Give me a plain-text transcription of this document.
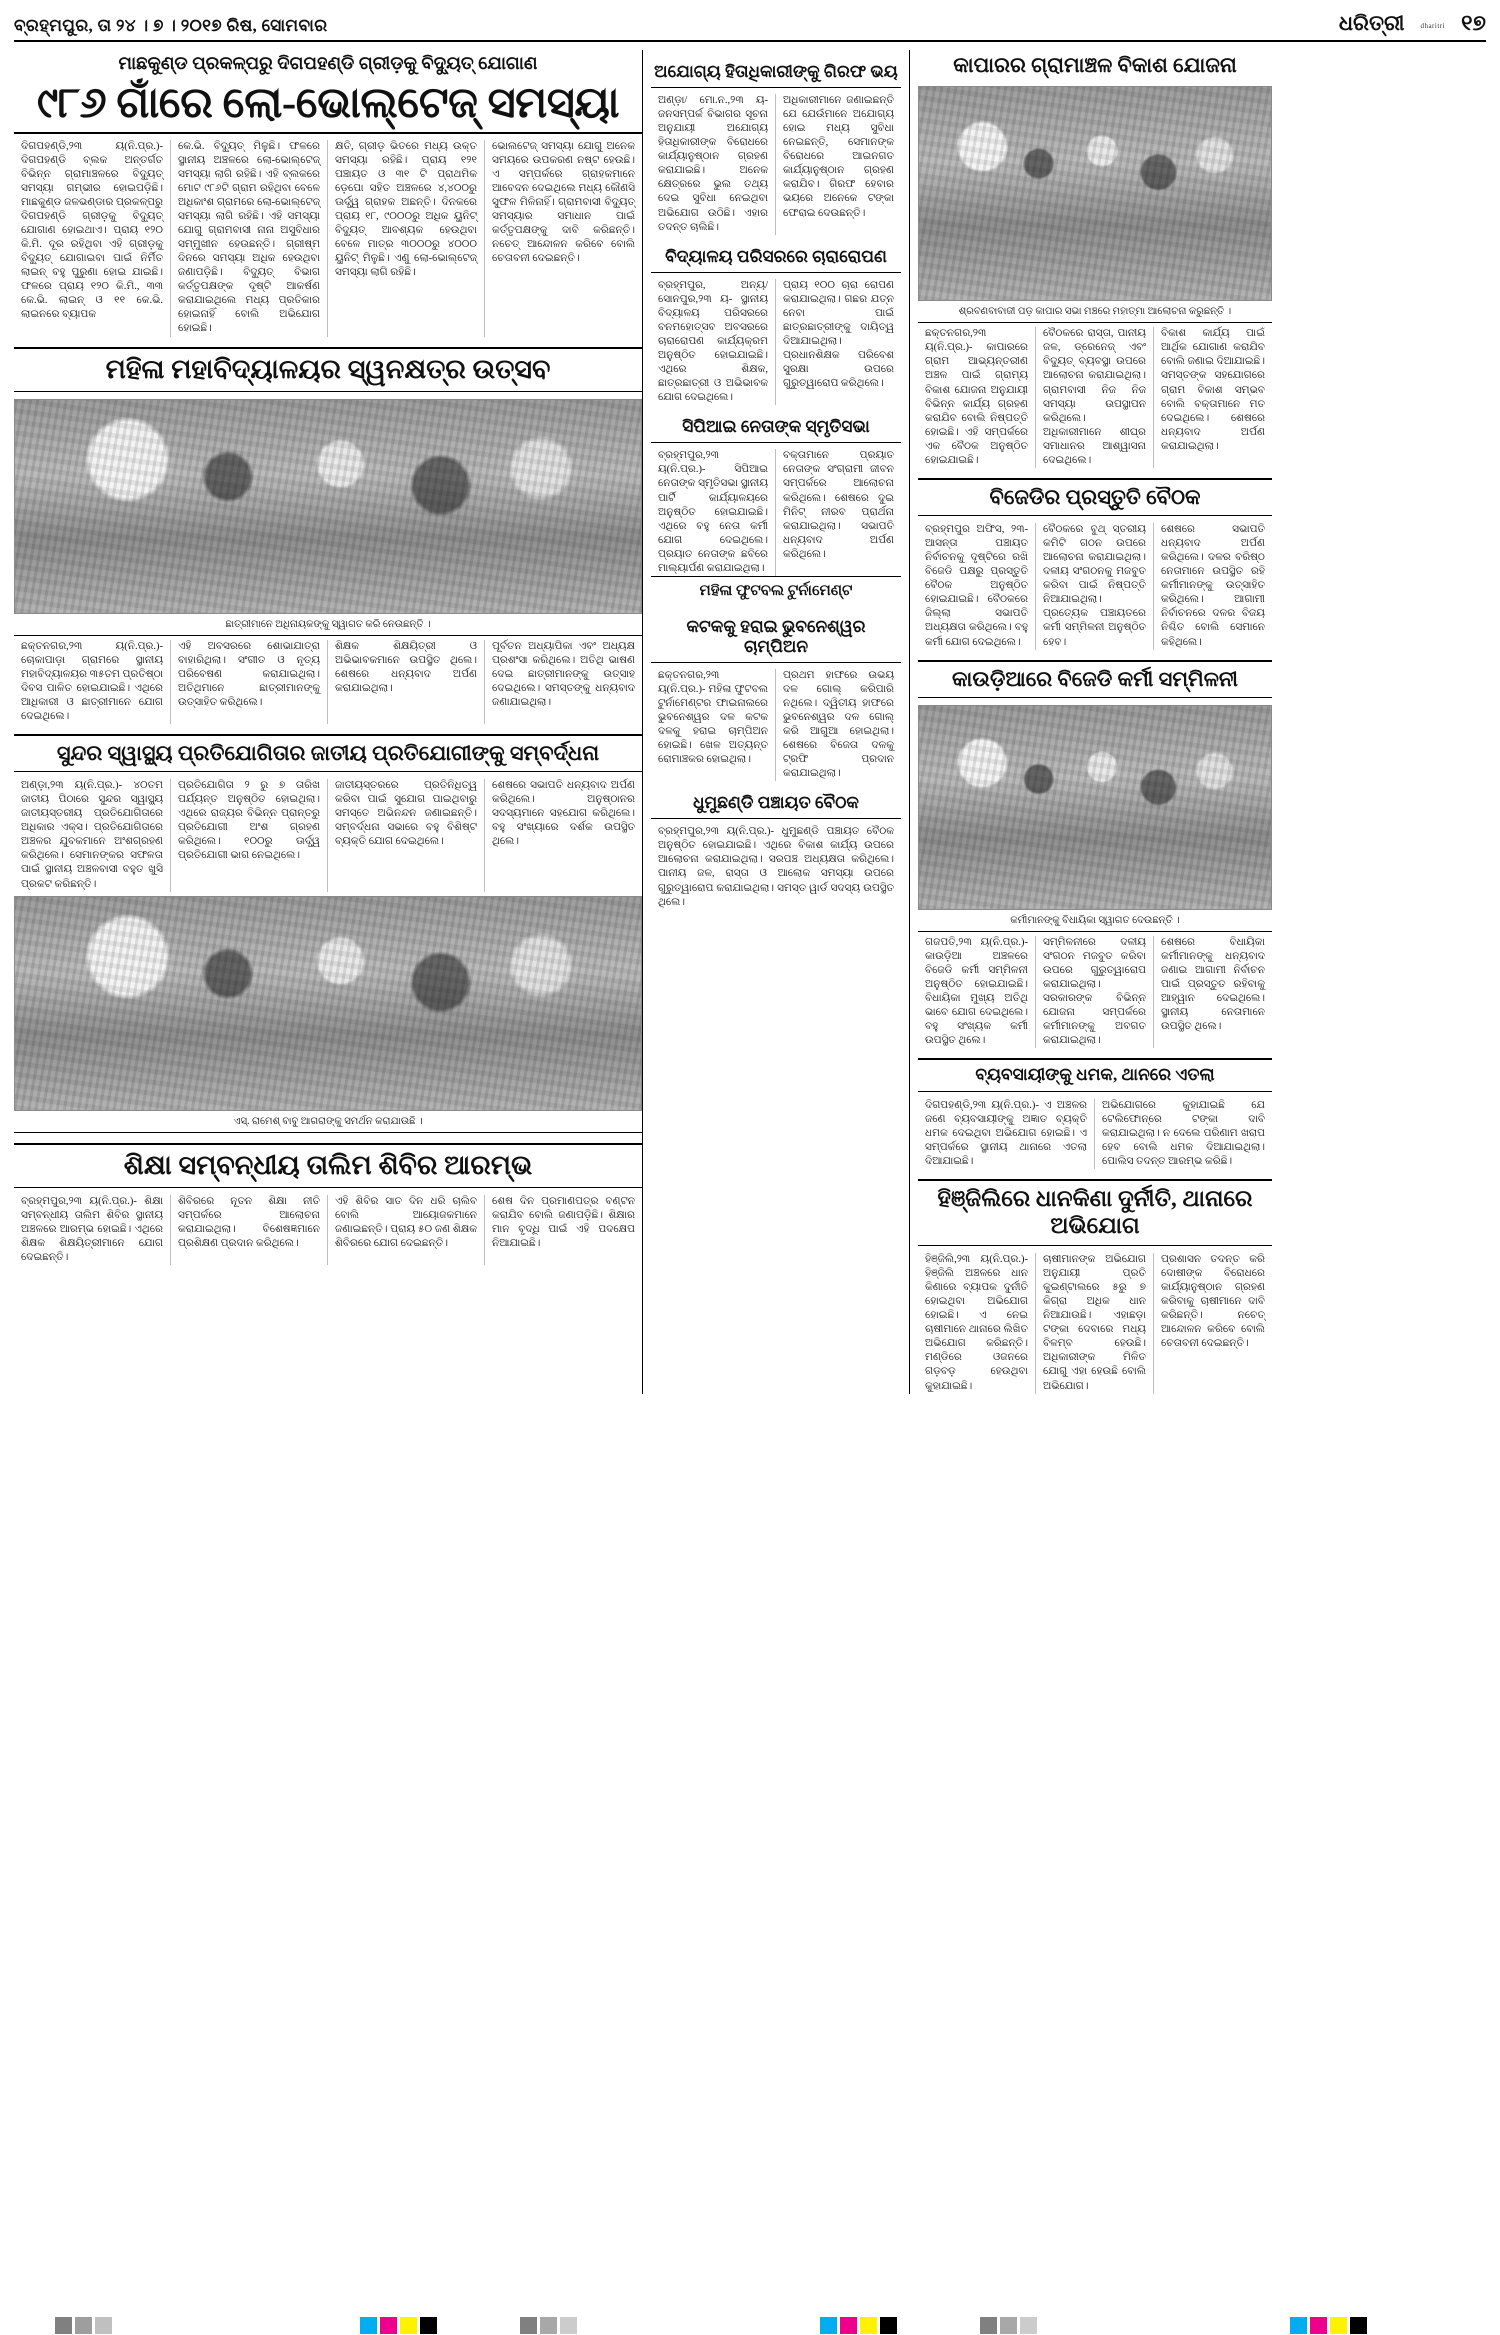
ବ୍ରହ୍ମପୁର, ତା ୨୪ । ୭ । ୨୦୧୭ ରିଷ, ସୋମବାର	ଧରିତ୍ରୀ dharitri ୧୭
ମାଛକୁଣ୍ଡ ପ୍ରକଳ୍ପରୁ ଦିଗପହଣ୍ଡି ଗ୍ରୀଡ଼କୁ ବିଦ୍ୟୁତ୍ ଯୋଗାଣ
୯୮୬ ଗାଁରେ ଲୋ-ଭୋଲ୍‌ଟେଜ୍ ସମସ୍ୟା
ଦିଗପହଣ୍ଡି,୨୩ ୟ(ନି.ପ୍ର.)- ଦିଗପହଣ୍ଡି ବ୍ଲକ ଅନ୍ତର୍ଗତ ବିଭିନ୍ନ ଗ୍ରାମାଞ୍ଚଳରେ ବିଦ୍ୟୁତ୍ ସମସ୍ୟା ଗମ୍ଭୀର ହୋଇପଡ଼ିଛି। ମାଛକୁଣ୍ଡ ଜଳଭଣ୍ଡାର ପ୍ରକଳ୍ପରୁ ଦିଗପହଣ୍ଡି ଗ୍ରୀଡ଼କୁ ବିଦ୍ୟୁତ୍ ଯୋଗାଣ ହୋଇଥାଏ। ପ୍ରାୟ ୧୨୦ କି.ମି. ଦୂର ରହିଥିବା ଏହି ଗ୍ରୀଡ଼କୁ ବିଦ୍ୟୁତ୍ ଯୋଗାଇବା ପାଇଁ ନିର୍ମିତ ଲାଇନ୍ ବହୁ ପୁରୁଣା ହୋଇ ଯାଇଛି। ଫଳରେ ପ୍ରାୟ ୧୨୦ କି.ମି., ୩୩ କେ.ଭି. ଲାଇନ୍ ଓ ୧୧ କେ.ଭି. ଲାଇନରେ ବ୍ୟାପକ
କେ.ଭି. ବିଦ୍ୟୁତ୍ ମିଳୁଛି। ଫଳରେ ସ୍ଥାନୀୟ ଅଞ୍ଚଳରେ ଲୋ-ଭୋଲ୍‌ଟେଜ୍ ସମସ୍ୟା ଲାଗି ରହିଛି। ଏହି ବ୍ଲକରେ ମୋଟ ୯୮୬ଟି ଗ୍ରାମ ରହିଥିବା ବେଳେ ଅଧିକାଂଶ ଗ୍ରାମରେ ଲୋ-ଭୋଲ୍‌ଟେଜ୍ ସମସ୍ୟା ଲାଗି ରହିଛି। ଏହି ସମସ୍ୟା ଯୋଗୁ ଗ୍ରାମବାସୀ ନାନା ଅସୁବିଧାର ସମ୍ମୁଖୀନ ହେଉଛନ୍ତି। ଗ୍ରୀଷ୍ମ ଦିନରେ ସମସ୍ୟା ଅଧିକ ହେଉଥିବା ଜଣାପଡ଼ିଛି। ବିଦ୍ୟୁତ୍ ବିଭାଗ କର୍ତ୍ତୃପକ୍ଷଙ୍କ ଦୃଷ୍ଟି ଆକର୍ଷଣ କରାଯାଇଥିଲେ ମଧ୍ୟ ପ୍ରତିକାର ହୋଇନାହିଁ ବୋଲି ଅଭିଯୋଗ ହୋଇଛି।
କ୍ଷତି, ଗ୍ରୀଡ଼ ଭିତରେ ମଧ୍ୟ ଉକ୍ତ ସମସ୍ୟା ରହିଛି। ପ୍ରାୟ ୧୨୧ ପଞ୍ଚାୟତ ଓ ୩୧ ଟି ପ୍ରାଥମିକ ଡ଼େପୋ ସହିତ ଅଞ୍ଚଳରେ ୪,୪୦୦ରୁ ଊର୍ଦ୍ଧ୍ୱ ଗ୍ରାହକ ଅଛନ୍ତି। ଦିନକରେ ପ୍ରାୟ ୧୮, ୯୦୦୦ରୁ ଅଧିକ ୟୁନିଟ୍ ବିଦ୍ୟୁତ୍ ଆବଶ୍ୟକ ହେଉଥିବା ବେଳେ ମାତ୍ର ୩୦୦୦ରୁ ୪୦୦୦ ୟୁନିଟ୍ ମିଳୁଛି। ଏଣୁ ଲୋ-ଭୋଲ୍‌ଟେଜ୍ ସମସ୍ୟା ଲାଗି ରହିଛି।
ଭୋଲଟେଜ୍ ସମସ୍ୟା ଯୋଗୁ ଅନେକ ସମୟରେ ଉପକରଣ ନଷ୍ଟ ହେଉଛି। ଏ ସମ୍ପର୍କରେ ଗ୍ରାହକମାନେ ଆବେଦନ ଦେଇଥିଲେ ମଧ୍ୟ କୌଣସି ସୁଫଳ ମିଳିନାହିଁ। ଗ୍ରାମବାସୀ ବିଦ୍ୟୁତ୍ ସମସ୍ୟାର ସମାଧାନ ପାଇଁ କର୍ତ୍ତୃପକ୍ଷଙ୍କୁ ଦାବି କରିଛନ୍ତି। ନଚେତ୍ ଆନ୍ଦୋଳନ କରିବେ ବୋଲି ଚେତାବନୀ ଦେଇଛନ୍ତି।
ମହିଳା ମହାବିଦ୍ୟାଳୟର ସ୍ୱନକ୍ଷତ୍ର ଉତ୍ସବ
ଛାତ୍ରୀମାନେ ଅଧିନାୟକଙ୍କୁ ସ୍ୱାଗତ କରି ନେଉଛନ୍ତି ।
ଛକ୍ତନଗର,୨୩ ୟ(ନି.ପ୍ର.)- ଚୋକାପାଡ଼ା ଗ୍ରାମରେ ସ୍ଥାନୀୟ ମହାବିଦ୍ୟାଳୟର ୩୫ତମ ପ୍ରତିଷ୍ଠା ଦିବସ ପାଳିତ ହୋଇଯାଇଛି। ଏଥିରେ ଆଧିକାରୀ ଓ ଛାତ୍ରୀମାନେ ଯୋଗ ଦେଇଥିଲେ।
ଏହି ଅବସରରେ ଶୋଭାଯାତ୍ରା ବାହାରିଥିଲା। ସଂଗୀତ ଓ ନୃତ୍ୟ ପରିବେଷଣ କରାଯାଇଥିଲା। ଅତିଥିମାନେ ଛାତ୍ରୀମାନଙ୍କୁ ଉତ୍ସାହିତ କରିଥିଲେ।
ଶିକ୍ଷକ ଶିକ୍ଷୟିତ୍ରୀ ଓ ଅଭିଭାବକମାନେ ଉପସ୍ଥିତ ଥିଲେ। ଶେଷରେ ଧନ୍ୟବାଦ ଅର୍ପଣ କରାଯାଇଥିଲା।
ପୂର୍ବତନ ଅଧ୍ୟାପିକା ଏବଂ ଅଧ୍ୟକ୍ଷ ପ୍ରଶଂସା କରିଥିଲେ। ଅତିଥି ଭାଷଣ ଦେଇ ଛାତ୍ରୀମାନଙ୍କୁ ଉତ୍ସାହ ଦେଇଥିଲେ। ସମସ୍ତଙ୍କୁ ଧନ୍ୟବାଦ ଜଣାଯାଇଥିଲା।
ସୁନ୍ଦର ସ୍ୱାସ୍ଥ୍ୟ ପ୍ରତିଯୋଗିତାର ଜାତୀୟ ପ୍ରତିଯୋଗୀଙ୍କୁ ସମ୍ବର୍ଦ୍ଧନା
ଅଣ୍ଡ଼ା,୨୩ ୟ(ନି.ପ୍ର.)- ୪୦ତମ ଜାତୀୟ ପିଠାରେ ସୁନ୍ଦର ସ୍ୱାସ୍ଥ୍ୟ ଜାତୀୟସ୍ତରୀୟ ପ୍ରତିଯୋଗିତାରେ ଅଧିକାର ଏକ୍ସ। ପ୍ରତିଯୋଗିତାରେ ଅଞ୍ଚଳର ଯୁବକମାନେ ଅଂଶଗ୍ରହଣ କରିଥିଲେ। ସେମାନଙ୍କର ସଫଳତା ପାଇଁ ସ୍ଥାନୀୟ ଅଞ୍ଚଳବାସୀ ବହୁତ ଖୁସି ପ୍ରକଟ କରିଛନ୍ତି।
ପ୍ରତିଯୋଗିତା ୨ ରୁ ୭ ତାରିଖ ପର୍ଯ୍ୟନ୍ତ ଅନୁଷ୍ଠିତ ହୋଇଥିଲା। ଏଥିରେ ରାଜ୍ୟର ବିଭିନ୍ନ ପ୍ରାନ୍ତରୁ ପ୍ରତିଯୋଗୀ ଅଂଶ ଗ୍ରହଣ କରିଥିଲେ। ୧୦୦ରୁ ଊର୍ଦ୍ଧ୍ୱ ପ୍ରତିଯୋଗୀ ଭାଗ ନେଇଥିଲେ।
ଜାତୀୟସ୍ତରରେ ପ୍ରତିନିଧିତ୍ୱ କରିବା ପାଇଁ ସୁଯୋଗ ପାଇଥିବାରୁ ସମସ୍ତେ ଅଭିନନ୍ଦନ ଜଣାଇଛନ୍ତି। ସମ୍ବର୍ଦ୍ଧନା ସଭାରେ ବହୁ ବିଶିଷ୍ଟ ବ୍ୟକ୍ତି ଯୋଗ ଦେଇଥିଲେ।
ଶେଷରେ ସଭାପତି ଧନ୍ୟବାଦ ଅର୍ପଣ କରିଥିଲେ। ଅନୁଷ୍ଠାନର ସଦସ୍ୟମାନେ ସହଯୋଗ କରିଥିଲେ। ବହୁ ସଂଖ୍ୟାରେ ଦର୍ଶକ ଉପସ୍ଥିତ ଥିଲେ।
ଏସ୍. ରାମେଶ୍ ବାବୁ ଆଗରାଙ୍କୁ ସମର୍ଥନ କରାଯାଉଛି ।
ଶିକ୍ଷା ସମ୍ବନ୍ଧୀୟ ତାଲିମ ଶିବିର ଆରମ୍ଭ
ବ୍ରହ୍ମପୁର,୨୩ ୟ(ନି.ପ୍ର.)- ଶିକ୍ଷା ସମ୍ବନ୍ଧୀୟ ତାଲିମ ଶିବିର ସ୍ଥାନୀୟ ଅଞ୍ଚଳରେ ଆରମ୍ଭ ହୋଇଛି। ଏଥିରେ ଶିକ୍ଷକ ଶିକ୍ଷୟିତ୍ରୀମାନେ ଯୋଗ ଦେଇଛନ୍ତି।
ଶିବିରରେ ନୂତନ ଶିକ୍ଷା ନୀତି ସମ୍ପର୍କରେ ଆଲୋଚନା କରାଯାଇଥିଲା। ବିଶେଷଜ୍ଞମାନେ ପ୍ରଶିକ୍ଷଣ ପ୍ରଦାନ କରିଥିଲେ।
ଏହି ଶିବିର ସାତ ଦିନ ଧରି ଚାଲିବ ବୋଲି ଆୟୋଜକମାନେ ଜଣାଇଛନ୍ତି। ପ୍ରାୟ ୫୦ ଜଣ ଶିକ୍ଷକ ଶିବିରରେ ଯୋଗ ଦେଇଛନ୍ତି।
ଶେଷ ଦିନ ପ୍ରମାଣପତ୍ର ବଣ୍ଟନ କରାଯିବ ବୋଲି ଜଣାପଡ଼ିଛି। ଶିକ୍ଷାର ମାନ ବୃଦ୍ଧି ପାଇଁ ଏହି ପଦକ୍ଷେପ ନିଆଯାଇଛି।
ଅଯୋଗ୍ୟ ହିତାଧିକାରୀଙ୍କୁ ଗିରଫ ଭୟ
ଅଣ୍ଡ଼ା/ ମୋ.ନ.,୨୩ ୟ- ଜନସମ୍ପର୍କ ବିଭାଗର ସୂଚନା ଅନୁଯାୟୀ ଅଯୋଗ୍ୟ ହିତାଧିକାରୀଙ୍କ ବିରୋଧରେ କାର୍ଯ୍ୟାନୁଷ୍ଠାନ ଗ୍ରହଣ କରାଯାଇଛି। ଅନେକ କ୍ଷେତ୍ରରେ ଭୁଲ ତଥ୍ୟ ଦେଇ ସୁବିଧା ନେଇଥିବା ଅଭିଯୋଗ ଉଠିଛି। ଏହାର ତଦନ୍ତ ଚାଲିଛି।
ଅଧିକାରୀମାନେ ଜଣାଇଛନ୍ତି ଯେ ଯେଉଁମାନେ ଅଯୋଗ୍ୟ ହୋଇ ମଧ୍ୟ ସୁବିଧା ନେଇଛନ୍ତି, ସେମାନଙ୍କ ବିରୋଧରେ ଆଇନଗତ କାର୍ଯ୍ୟାନୁଷ୍ଠାନ ଗ୍ରହଣ କରାଯିବ। ଗିରଫ ହେବାର ଭୟରେ ଅନେକେ ଟଙ୍କା ଫେରାଇ ଦେଉଛନ୍ତି।
ବିଦ୍ୟାଳୟ ପରିସରରେ ଚାରାରୋପଣ
ବ୍ରହ୍ମପୁର, ଅନ୍ୟ/ସୋନପୁର,୨୩ ୟ- ସ୍ଥାନୀୟ ବିଦ୍ୟାଳୟ ପରିସରରେ ବନମହୋତ୍ସବ ଅବସରରେ ଚାରାରୋପଣ କାର୍ଯ୍ୟକ୍ରମ ଅନୁଷ୍ଠିତ ହୋଇଯାଇଛି। ଏଥିରେ ଶିକ୍ଷକ, ଛାତ୍ରଛାତ୍ରୀ ଓ ଅଭିଭାବକ ଯୋଗ ଦେଇଥିଲେ।
ପ୍ରାୟ ୧୦୦ ଚାରା ରୋପଣ କରାଯାଇଥିଲା। ଗଛର ଯତ୍ନ ନେବା ପାଇଁ ଛାତ୍ରଛାତ୍ରୀଙ୍କୁ ଦାୟିତ୍ୱ ଦିଆଯାଇଥିଲା। ପ୍ରଧାନଶିକ୍ଷକ ପରିବେଶ ସୁରକ୍ଷା ଉପରେ ଗୁରୁତ୍ୱାରୋପ କରିଥିଲେ।
ସିପିଆଇ ନେତାଙ୍କ ସ୍ମୃତିସଭା
ବ୍ରହ୍ମପୁର,୨୩ ୟ(ନି.ପ୍ର.)- ସିପିଆଇ ନେତାଙ୍କ ସ୍ମୃତିସଭା ସ୍ଥାନୀୟ ପାର୍ଟି କାର୍ଯ୍ୟାଳୟରେ ଅନୁଷ୍ଠିତ ହୋଇଯାଇଛି। ଏଥିରେ ବହୁ ନେତା କର୍ମୀ ଯୋଗ ଦେଇଥିଲେ। ପ୍ରୟାତ ନେତାଙ୍କ ଛବିରେ ମାଲ୍ୟାର୍ପଣ କରାଯାଇଥିଲା।
ବକ୍ତାମାନେ ପ୍ରୟାତ ନେତାଙ୍କ ସଂଗ୍ରାମୀ ଜୀବନ ସମ୍ପର୍କରେ ଆଲୋଚନା କରିଥିଲେ। ଶେଷରେ ଦୁଇ ମିନିଟ୍ ନୀରବ ପ୍ରାର୍ଥନା କରାଯାଇଥିଲା। ସଭାପତି ଧନ୍ୟବାଦ ଅର୍ପଣ କରିଥିଲେ।
ମହିଳା ଫୁଟବଲ ଟୁର୍ନାମେଣ୍ଟ
କଟକକୁ ହରାଇ ଭୁବନେଶ୍ୱର ଚାମ୍ପିଅନ
ଛକ୍ତନଗର,୨୩ ୟ(ନି.ପ୍ର.)- ମହିଳା ଫୁଟବଲ ଟୁର୍ନାମେଣ୍ଟର ଫାଇନାଲରେ ଭୁବନେଶ୍ୱର ଦଳ କଟକ ଦଳକୁ ହରାଇ ଚାମ୍ପିଅନ ହୋଇଛି। ଖେଳ ଅତ୍ୟନ୍ତ ରୋମାଞ୍ଚକର ହୋଇଥିଲା।
ପ୍ରଥମ ହାଫରେ ଉଭୟ ଦଳ ଗୋଲ୍ କରିପାରି ନଥିଲେ। ଦ୍ୱିତୀୟ ହାଫରେ ଭୁବନେଶ୍ୱର ଦଳ ଗୋଲ୍ କରି ଆଗୁଆ ହୋଇଥିଲା। ଶେଷରେ ବିଜେତା ଦଳକୁ ଟ୍ରଫି ପ୍ରଦାନ କରାଯାଇଥିଲା।
ଧୁମୁଛଣ୍ଡି ପଞ୍ଚାୟତ ବୈଠକ
ବ୍ରହ୍ମପୁର,୨୩ ୟ(ନି.ପ୍ର.)- ଧୁମୁଛଣ୍ଡି ପଞ୍ଚାୟତ ବୈଠକ ଅନୁଷ୍ଠିତ ହୋଇଯାଇଛି। ଏଥିରେ ବିକାଶ କାର୍ଯ୍ୟ ଉପରେ ଆଲୋଚନା କରାଯାଇଥିଲା। ସରପଞ୍ଚ ଅଧ୍ୟକ୍ଷତା କରିଥିଲେ। ପାନୀୟ ଜଳ, ରାସ୍ତା ଓ ଆଲୋକ ସମସ୍ୟା ଉପରେ ଗୁରୁତ୍ୱାରୋପ କରାଯାଇଥିଲା। ସମସ୍ତ ୱାର୍ଡ ସଦସ୍ୟ ଉପସ୍ଥିତ ଥିଲେ।
କାପାରର ଗ୍ରାମାଞ୍ଚଳ ବିକାଶ ଯୋଜନା
ଶ୍ରବଣବାବାଜୀ ପଡ଼ କାପାର ସଭା ମଞ୍ଚରେ ମହାତ୍ମା ଆଲୋଚନା କରୁଛନ୍ତି ।
ଛକ୍ତନଗର,୨୩ ୟ(ନି.ପ୍ର.)- କାପାରରେ ଗ୍ରାମ ଆଭ୍ୟନ୍ତରୀଣ ଅଞ୍ଚଳ ପାଇଁ ଗ୍ରାମ୍ୟ ବିକାଶ ଯୋଜନା ଅନୁଯାୟୀ ବିଭିନ୍ନ କାର୍ଯ୍ୟ ଗ୍ରହଣ କରାଯିବ ବୋଲି ନିଷ୍ପତ୍ତି ହୋଇଛି। ଏହି ସମ୍ପର୍କରେ ଏକ ବୈଠକ ଅନୁଷ୍ଠିତ ହୋଇଯାଇଛି।
ବୈଠକରେ ରାସ୍ତା, ପାନୀୟ ଜଳ, ଡ୍ରେନେଜ୍ ଏବଂ ବିଦ୍ୟୁତ୍ ବ୍ୟବସ୍ଥା ଉପରେ ଆଲୋଚନା କରାଯାଇଥିଲା। ଗ୍ରାମବାସୀ ନିଜ ନିଜ ସମସ୍ୟା ଉପସ୍ଥାପନ କରିଥିଲେ। ଅଧିକାରୀମାନେ ଶୀଘ୍ର ସମାଧାନର ଆଶ୍ୱାସନା ଦେଇଥିଲେ।
ବିକାଶ କାର୍ଯ୍ୟ ପାଇଁ ଆର୍ଥିକ ଯୋଗାଣ କରାଯିବ ବୋଲି ଜଣାଇ ଦିଆଯାଇଛି। ସମସ୍ତଙ୍କ ସହଯୋଗରେ ଗ୍ରାମ ବିକାଶ ସମ୍ଭବ ବୋଲି ବକ୍ତାମାନେ ମତ ଦେଇଥିଲେ। ଶେଷରେ ଧନ୍ୟବାଦ ଅର୍ପଣ କରାଯାଇଥିଲା।
ବିଜେଡିର ପ୍ରସ୍ତୁତି ବୈଠକ
ବ୍ରହ୍ମପୁର ଅଫିସ, ୨୩- ଆସନ୍ତା ପଞ୍ଚାୟତ ନିର୍ବାଚନକୁ ଦୃଷ୍ଟିରେ ରଖି ବିଜେଡି ପକ୍ଷରୁ ପ୍ରସ୍ତୁତି ବୈଠକ ଅନୁଷ୍ଠିତ ହୋଇଯାଇଛି। ବୈଠକରେ ଜିଲ୍ଲା ସଭାପତି ଅଧ୍ୟକ୍ଷତା କରିଥିଲେ। ବହୁ କର୍ମୀ ଯୋଗ ଦେଇଥିଲେ।
ବୈଠକରେ ବୁଥ୍ ସ୍ତରୀୟ କମିଟି ଗଠନ ଉପରେ ଆଲୋଚନା କରାଯାଇଥିଲା। ଦଳୀୟ ସଂଗଠନକୁ ମଜବୁତ କରିବା ପାଇଁ ନିଷ୍ପତ୍ତି ନିଆଯାଇଥିଲା। ପ୍ରତ୍ୟେକ ପଞ୍ଚାୟତରେ କର୍ମୀ ସମ୍ମିଳନୀ ଅନୁଷ୍ଠିତ ହେବ।
ଶେଷରେ ସଭାପତି ଧନ୍ୟବାଦ ଅର୍ପଣ କରିଥିଲେ। ଦଳର ବରିଷ୍ଠ ନେତାମାନେ ଉପସ୍ଥିତ ରହି କର୍ମୀମାନଙ୍କୁ ଉତ୍ସାହିତ କରିଥିଲେ। ଆଗାମୀ ନିର୍ବାଚନରେ ଦଳର ବିଜୟ ନିଶ୍ଚିତ ବୋଲି ସେମାନେ କହିଥିଲେ।
କାଉଡ଼ିଆରେ ବିଜେଡି କର୍ମୀ ସମ୍ମିଳନୀ
କର୍ମୀମାନଙ୍କୁ ବିଧାୟିକା ସ୍ୱାଗତ ଦେଉଛନ୍ତି ।
ଗଜପତି,୨୩ ୟ(ନି.ପ୍ର.)- କାଉଡ଼ିଆ ଅଞ୍ଚଳରେ ବିଜେଡି କର୍ମୀ ସମ୍ମିଳନୀ ଅନୁଷ୍ଠିତ ହୋଇଯାଇଛି। ବିଧାୟିକା ମୁଖ୍ୟ ଅତିଥି ଭାବେ ଯୋଗ ଦେଇଥିଲେ। ବହୁ ସଂଖ୍ୟକ କର୍ମୀ ଉପସ୍ଥିତ ଥିଲେ।
ସମ୍ମିଳନୀରେ ଦଳୀୟ ସଂଗଠନ ମଜବୁତ କରିବା ଉପରେ ଗୁରୁତ୍ୱାରୋପ କରାଯାଇଥିଲା। ସରକାରଙ୍କ ବିଭିନ୍ନ ଯୋଜନା ସମ୍ପର୍କରେ କର୍ମୀମାନଙ୍କୁ ଅବଗତ କରାଯାଇଥିଲା।
ଶେଷରେ ବିଧାୟିକା କର୍ମୀମାନଙ୍କୁ ଧନ୍ୟବାଦ ଜଣାଇ ଆଗାମୀ ନିର୍ବାଚନ ପାଇଁ ପ୍ରସ୍ତୁତ ରହିବାକୁ ଆହ୍ୱାନ ଦେଇଥିଲେ। ସ୍ଥାନୀୟ ନେତାମାନେ ଉପସ୍ଥିତ ଥିଲେ।
ବ୍ୟବସାୟୀଙ୍କୁ ଧମକ, ଥାନରେ ଏତଲା
ଦିଗପହଣ୍ଡି,୨୩ ୟ(ନି.ପ୍ର.)- ଏ ଅଞ୍ଚଳର ଜଣେ ବ୍ୟବସାୟୀଙ୍କୁ ଅଜ୍ଞାତ ବ୍ୟକ୍ତି ଧମକ ଦେଇଥିବା ଅଭିଯୋଗ ହୋଇଛି। ଏ ସମ୍ପର୍କରେ ସ୍ଥାନୀୟ ଥାନାରେ ଏତଲା ଦିଆଯାଇଛି।
ଅଭିଯୋଗରେ କୁହାଯାଇଛି ଯେ ଟେଲିଫୋନ୍‌ରେ ଟଙ୍କା ଦାବି କରାଯାଇଥିଲା। ନ ଦେଲେ ପରିଣାମ ଖରାପ ହେବ ବୋଲି ଧମକ ଦିଆଯାଇଥିଲା। ପୋଲିସ ତଦନ୍ତ ଆରମ୍ଭ କରିଛି।
ହିଞ୍ଜିଲିରେ ଧାନକିଣା ଦୁର୍ନୀତି, ଥାନାରେ ଅଭିଯୋଗ
ହିଞ୍ଜିଲି,୨୩ ୟ(ନି.ପ୍ର.)- ହିଞ୍ଜିଲି ଅଞ୍ଚଳରେ ଧାନ କିଣାରେ ବ୍ୟାପକ ଦୁର୍ନୀତି ହୋଇଥିବା ଅଭିଯୋଗ ହୋଇଛି। ଏ ନେଇ ଚାଷୀମାନେ ଥାନାରେ ଲିଖିତ ଅଭିଯୋଗ କରିଛନ୍ତି। ମଣ୍ଡିରେ ଓଜନରେ ଗଡ଼ବଡ଼ ହେଉଥିବା କୁହାଯାଇଛି।
ଚାଷୀମାନଙ୍କ ଅଭିଯୋଗ ଅନୁଯାୟୀ ପ୍ରତି କୁଇଣ୍ଟାଲରେ ୫ରୁ ୭ କିଗ୍ରା ଅଧିକ ଧାନ ନିଆଯାଉଛି। ଏହାଛଡ଼ା ଟଙ୍କା ଦେବାରେ ମଧ୍ୟ ବିଳମ୍ବ ହେଉଛି। ଅଧିକାରୀଙ୍କ ମିଳିତ ଯୋଗୁ ଏହା ହେଉଛି ବୋଲି ଅଭିଯୋଗ।
ପ୍ରଶାସନ ତଦନ୍ତ କରି ଦୋଷୀଙ୍କ ବିରୋଧରେ କାର୍ଯ୍ୟାନୁଷ୍ଠାନ ଗ୍ରହଣ କରିବାକୁ ଚାଷୀମାନେ ଦାବି କରିଛନ୍ତି। ନଚେତ୍ ଆନ୍ଦୋଳନ କରିବେ ବୋଲି ଚେତାବନୀ ଦେଇଛନ୍ତି।
